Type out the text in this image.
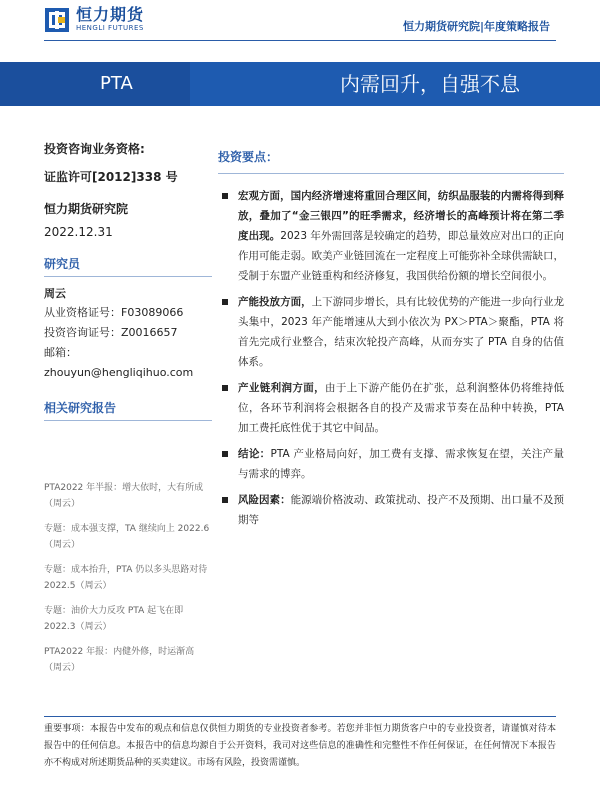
恒力期货
HENGLI FUTURES	恒力期货研究院|年度策略报告
PTA	内需回升，自强不息
投资咨询业务资格:
证监许可[2012]338 号
恒力期货研究院
2022.12.31
研究员
周云
从业资格证号：F03089066
投资咨询证号：Z0016657
邮箱：
zhouyun@hengliqihuo.com
相关研究报告
PTA2022 年半报：增大依时，大有所成（周云）
专题：成本强支撑，TA 继续向上 2022.6（周云）
专题：成本抬升，PTA 仍以多头思路对待 2022.5（周云）
专题：油价大力反攻 PTA 起飞在即 2022.3（周云）
PTA2022 年报：内健外修，时运渐高（周云）
投资要点：
宏观方面，国内经济增速将重回合理区间，纺织品服装的内需将得到释放，叠加了“金三银四”的旺季需求，经济增长的高峰预计将在第二季度出现。2023 年外需回落是较确定的趋势，即总量效应对出口的正向作用可能走弱。欧美产业链回流在一定程度上可能弥补全球供需缺口，受制于东盟产业链重构和经济修复，我国供给份额的增长空间很小。
产能投放方面，上下游同步增长，具有比较优势的产能进一步向行业龙头集中，2023 年产能增速从大到小依次为 PX＞PTA＞聚酯，PTA 将首先完成行业整合，结束次轮投产高峰，从而夯实了 PTA 自身的估值体系。
产业链利润方面，由于上下游产能仍在扩张，总利润整体仍将维持低位，各环节利润将会根据各自的投产及需求节奏在品种中转换，PTA 加工费托底性优于其它中间品。
结论：PTA 产业格局向好，加工费有支撑、需求恢复在望，关注产量与需求的博弈。
风险因素：能源端价格波动、政策扰动、投产不及预期、出口量不及预期等
重要事项：本报告中发布的观点和信息仅供恒力期货的专业投资者参考。若您并非恒力期货客户中的专业投资者，请谨慎对待本报告中的任何信息。本报告中的信息均源自于公开资料，我司对这些信息的准确性和完整性不作任何保证，在任何情况下本报告亦不构成对所述期货品种的买卖建议。市场有风险，投资需谨慎。
